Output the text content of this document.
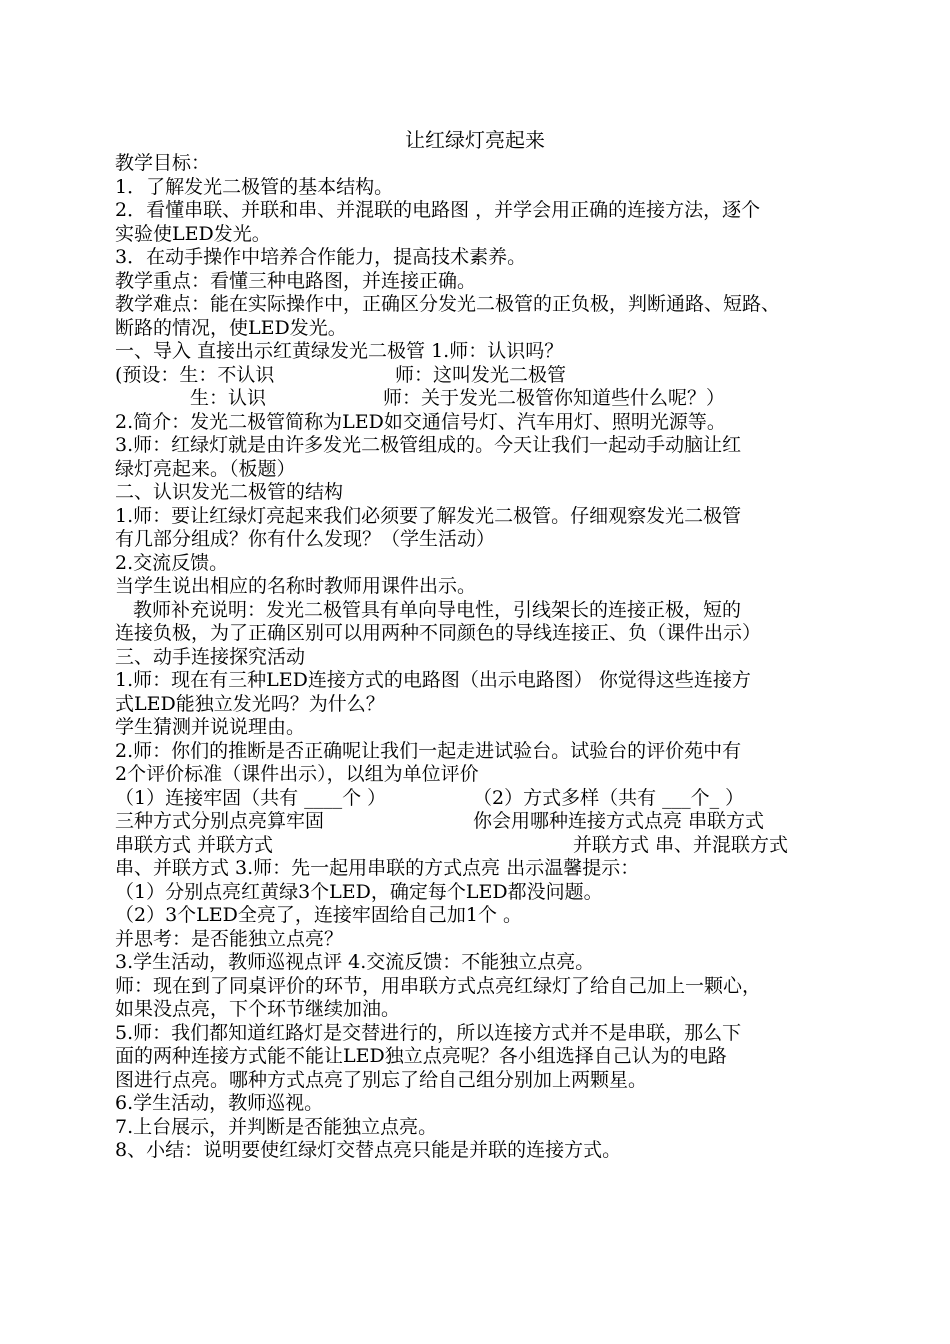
让红绿灯亮起来
教学目标：
1．了解发光二极管的基本结构。
2．看懂串联、并联和串、并混联的电路图 ，并学会用正确的连接方法，逐个
实验使LED发光。
3．在动手操作中培养合作能力，提高技术素养。
教学重点：看懂三种电路图，并连接正确。
教学难点：能在实际操作中，正确区分发光二极管的正负极，判断通路、短路、
断路的情况，使LED发光。
一、导入 直接出示红黄绿发光二极管 1.师：认识吗？
(预设：生：不认识	师：这叫发光二极管
生：认识	师：关于发光二极管你知道些什么呢？）
2.简介：发光二极管简称为LED如交通信号灯、汽车用灯、照明光源等。
3.师：红绿灯就是由许多发光二极管组成的。今天让我们一起动手动脑让红
绿灯亮起来。（板题）
二、认识发光二极管的结构
1.师：要让红绿灯亮起来我们必须要了解发光二极管。仔细观察发光二极管
有几部分组成？你有什么发现？（学生活动）
2.交流反馈。
当学生说出相应的名称时教师用课件出示。
教师补充说明：发光二极管具有单向导电性，引线架长的连接正极，短的
连接负极，为了正确区别可以用两种不同颜色的导线连接正、负（课件出示）
三、动手连接探究活动
1.师：现在有三种LED连接方式的电路图（出示电路图） 你觉得这些连接方
式LED能独立发光吗？为什么？
学生猜测并说说理由。
2.师：你们的推断是否正确呢让我们一起走进试验台。试验台的评价苑中有
2个评价标准（课件出示），以组为单位评价
（1）连接牢固（共有 ____个 ）	（2）方式多样（共有 ___个_ ）
三种方式分别点亮算牢固	你会用哪种连接方式点亮 串联方式
串联方式 并联方式	并联方式 串、并混联方式
串、并联方式 3.师：先一起用串联的方式点亮 出示温馨提示：
（1）分别点亮红黄绿3个LED，确定每个LED都没问题。
（2）3个LED全亮了，连接牢固给自己加1个 。
并思考：是否能独立点亮？
3.学生活动，教师巡视点评 4.交流反馈：不能独立点亮。
师：现在到了同桌评价的环节，用串联方式点亮红绿灯了给自己加上一颗心，
如果没点亮，下个环节继续加油。
5.师：我们都知道红路灯是交替进行的，所以连接方式并不是串联，那么下
面的两种连接方式能不能让LED独立点亮呢？各小组选择自己认为的电路
图进行点亮。哪种方式点亮了别忘了给自己组分别加上两颗星。
6.学生活动，教师巡视。
7.上台展示，并判断是否能独立点亮。
8、小结：说明要使红绿灯交替点亮只能是并联的连接方式。
